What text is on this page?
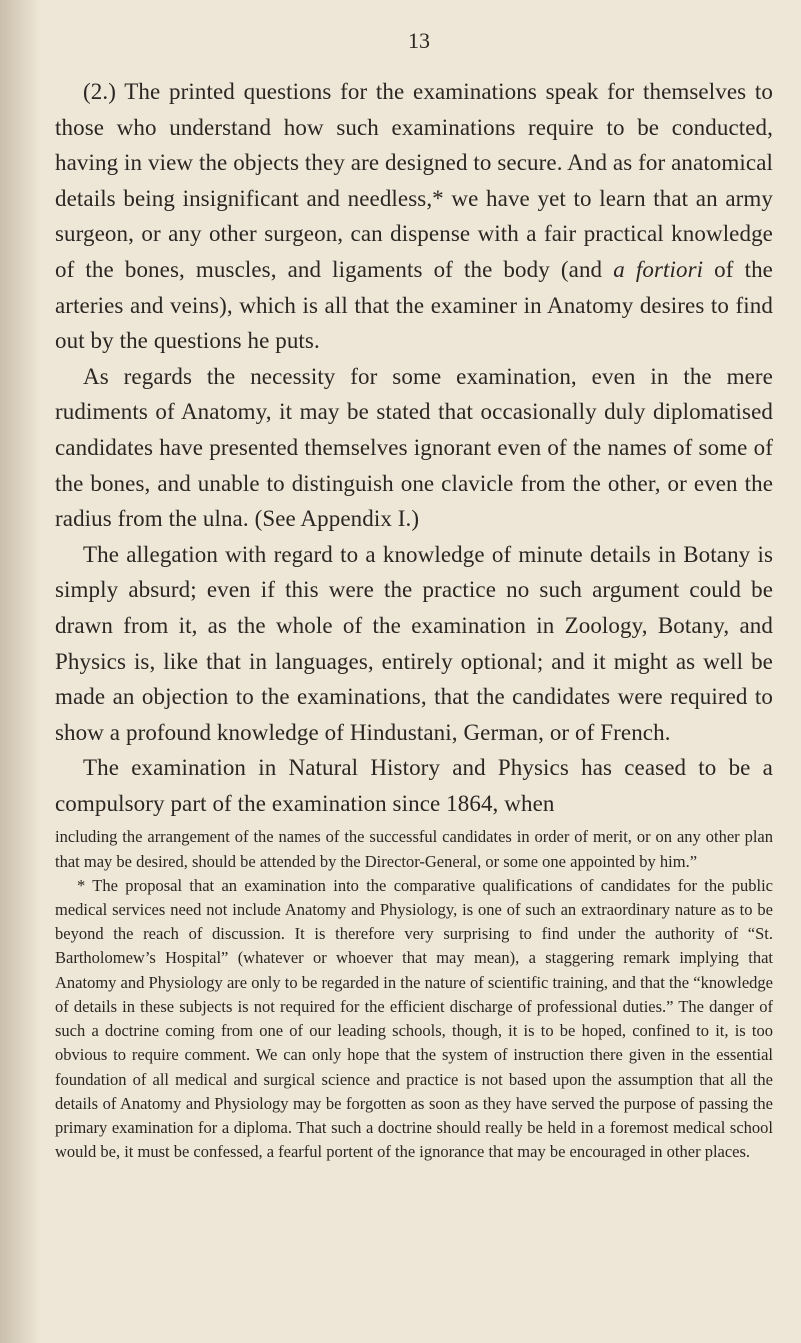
13

(2.) The printed questions for the examinations speak for themselves to those who understand how such examinations require to be conducted, having in view the objects they are designed to secure. And as for anatomical details being insignificant and needless,* we have yet to learn that an army surgeon, or any other surgeon, can dispense with a fair practical knowledge of the bones, muscles, and ligaments of the body (and a fortiori of the arteries and veins), which is all that the examiner in Anatomy desires to find out by the questions he puts.

As regards the necessity for some examination, even in the mere rudiments of Anatomy, it may be stated that occasionally duly diplomatised candidates have presented themselves ignorant even of the names of some of the bones, and unable to distinguish one clavicle from the other, or even the radius from the ulna. (See Appendix I.)

The allegation with regard to a knowledge of minute details in Botany is simply absurd; even if this were the practice no such argument could be drawn from it, as the whole of the examination in Zoology, Botany, and Physics is, like that in languages, entirely optional; and it might as well be made an objection to the examinations, that the candidates were required to show a profound knowledge of Hindustani, German, or of French.

The examination in Natural History and Physics has ceased to be a compulsory part of the examination since 1864, when

including the arrangement of the names of the successful candidates in order of merit, or on any other plan that may be desired, should be attended by the Director-General, or some one appointed by him.”

* The proposal that an examination into the comparative qualifications of candidates for the public medical services need not include Anatomy and Physiology, is one of such an extraordinary nature as to be beyond the reach of discussion. It is therefore very surprising to find under the authority of “St. Bartholomew’s Hospital” (whatever or whoever that may mean), a staggering remark implying that Anatomy and Physiology are only to be regarded in the nature of scientific training, and that the “knowledge of details in these subjects is not required for the efficient discharge of professional duties.” The danger of such a doctrine coming from one of our leading schools, though, it is to be hoped, confined to it, is too obvious to require comment. We can only hope that the system of instruction there given in the essential foundation of all medical and surgical science and practice is not based upon the assumption that all the details of Anatomy and Physiology may be forgotten as soon as they have served the purpose of passing the primary examination for a diploma. That such a doctrine should really be held in a foremost medical school would be, it must be confessed, a fearful portent of the ignorance that may be encouraged in other places.
